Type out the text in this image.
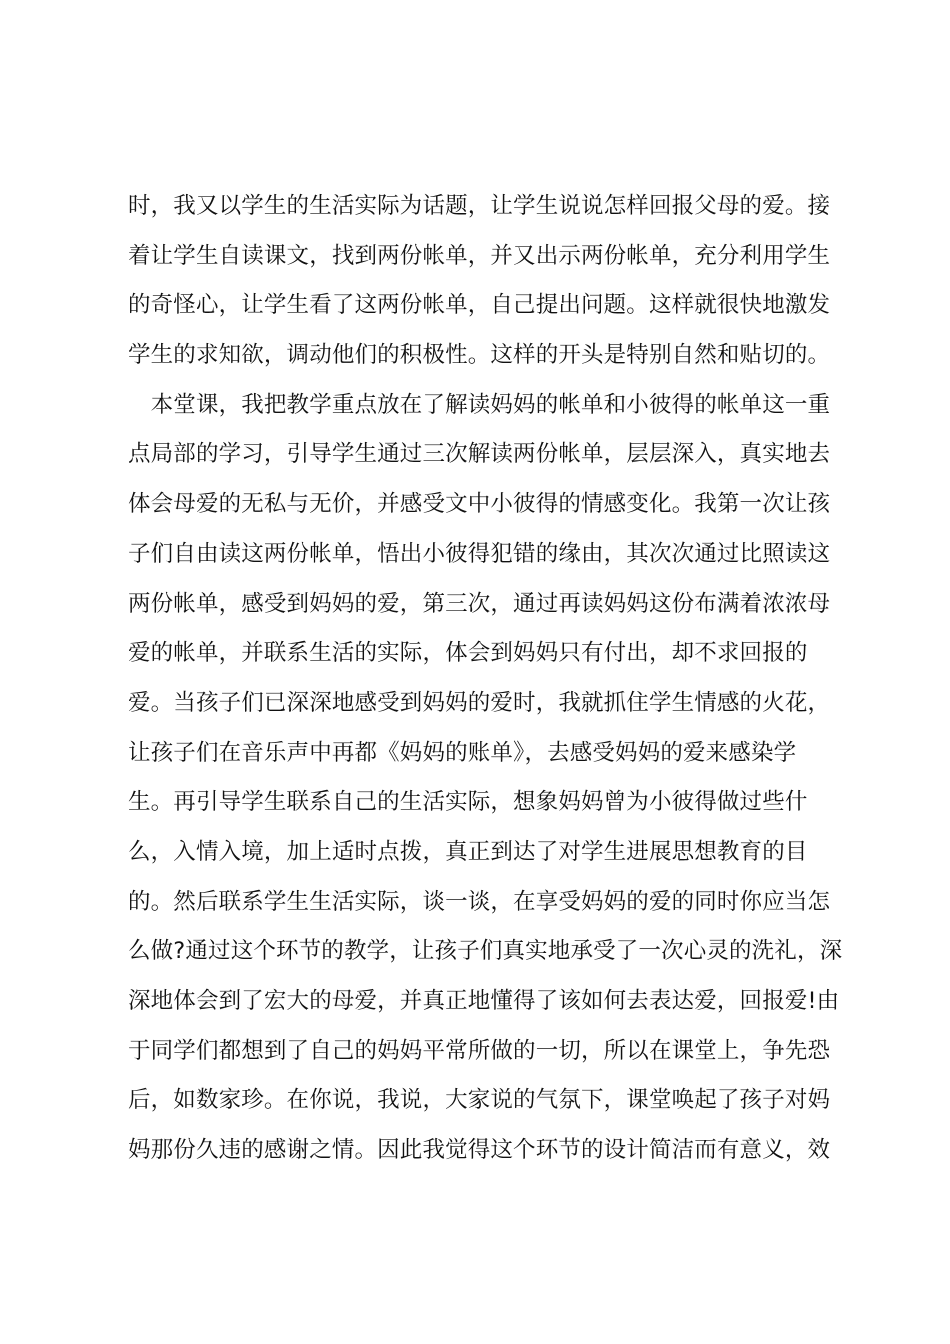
时，我又以学生的生活实际为话题，让学生说说怎样回报父母的爱。接
着让学生自读课文，找到两份帐单，并又出示两份帐单，充分利用学生
的奇怪心，让学生看了这两份帐单，自己提出问题。这样就很快地激发
学生的求知欲，调动他们的积极性。这样的开头是特别自然和贴切的。
　本堂课，我把教学重点放在了解读妈妈的帐单和小彼得的帐单这一重
点局部的学习，引导学生通过三次解读两份帐单，层层深入，真实地去
体会母爱的无私与无价，并感受文中小彼得的情感变化。我第一次让孩
子们自由读这两份帐单，悟出小彼得犯错的缘由，其次次通过比照读这
两份帐单，感受到妈妈的爱，第三次，通过再读妈妈这份布满着浓浓母
爱的帐单，并联系生活的实际，体会到妈妈只有付出，却不求回报的
爱。当孩子们已深深地感受到妈妈的爱时，我就抓住学生情感的火花，
让孩子们在音乐声中再都《妈妈的账单》，去感受妈妈的爱来感染学
生。再引导学生联系自己的生活实际，想象妈妈曾为小彼得做过些什
么，入情入境，加上适时点拨，真正到达了对学生进展思想教育的目
的。然后联系学生生活实际，谈一谈，在享受妈妈的爱的同时你应当怎
么做?通过这个环节的教学，让孩子们真实地承受了一次心灵的洗礼，深
深地体会到了宏大的母爱，并真正地懂得了该如何去表达爱，回报爱!由
于同学们都想到了自己的妈妈平常所做的一切，所以在课堂上，争先恐
后，如数家珍。在你说，我说，大家说的气氛下，课堂唤起了孩子对妈
妈那份久违的感谢之情。因此我觉得这个环节的设计简洁而有意义，效
